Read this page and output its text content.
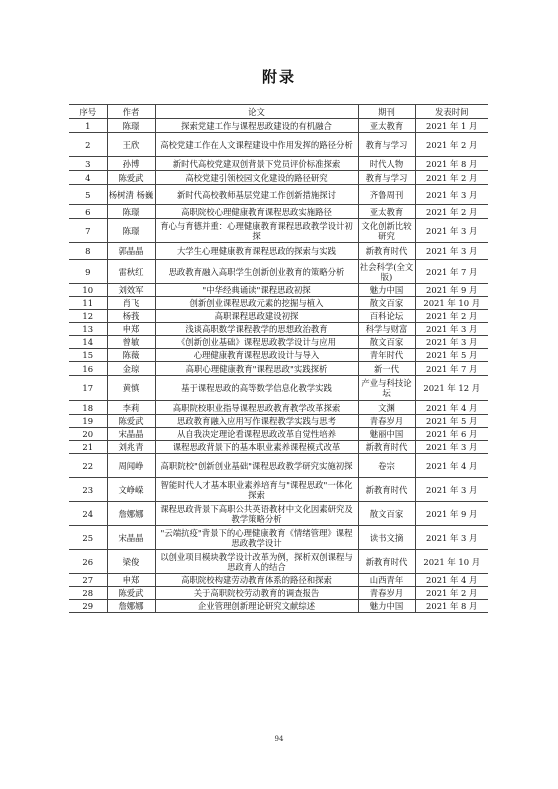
附录
序号	作者	论文	期刊	发表时间
1	陈璟	探索党建工作与课程思政建设的有机融合	亚太教育	2021 年 1 月
2	王欣	高校党建工作在人文课程建设中作用发挥的路径分析	教育与学习	2021 年 2 月
3	孙博	新时代高校党建双创背景下党员评价标准探索	时代人物	2021 年 8 月
4	陈爱武	高校党建引领校园文化建设的路径研究	教育与学习	2021 年 2 月
5	杨树清 杨巍	新时代高校教师基层党建工作创新措施探讨	齐鲁周刊	2021 年 3 月
6	陈璟	高职院校心理健康教育课程思政实施路径	亚太教育	2021 年 2 月
7	陈璟	育心与育德并重：心理健康教育课程思政教学设计初探	文化创新比较研究	2021 年 3 月
8	郭晶晶	大学生心理健康教育课程思政的探索与实践	新教育时代	2021 年 3 月
9	雷秋红	思政教育融入高职学生创新创业教育的策略分析	社会科学(全文版)	2021 年 7 月
10	刘效军	"中华经典诵读"课程思政初探	魅力中国	2021 年 9 月
11	肖飞	创新创业课程思政元素的挖掘与植入	散文百家	2021 年 10 月
12	杨莪	高职课程思政建设初探	百科论坛	2021 年 2 月
13	申郑	浅谈高职数学课程教学的思想政治教育	科学与财富	2021 年 3 月
14	曾敏	《创新创业基础》课程思政教学设计与应用	散文百家	2021 年 3 月
15	陈薇	心理健康教育课程思政设计与导入	青年时代	2021 年 5 月
16	金琼	高职心理健康教育"课程思政"实践探析	新一代	2021 年 7 月
17	黄慎	基于课程思政的高等数学信息化教学实践	产业与科技论坛	2021 年 12 月
18	李莉	高职院校职业指导课程思政教育教学改革探索	文渊	2021 年 4 月
19	陈爱武	思政教育融入应用写作课程教学实践与思考	青春岁月	2021 年 5 月
20	宋晶晶	从自我决定理论看课程思政改革自觉性培养	魅丽中国	2021 年 6 月
21	刘兆青	课程思政背景下的基本职业素养课程模式改革	新教育时代	2021 年 3 月
22	周闻峥	高职院校"创新创业基础"课程思政教学研究实施初探	卷宗	2021 年 4 月
23	文峥嵘	智能时代人才基本职业素养培育与"课程思政"一体化探索	新教育时代	2021 年 3 月
24	詹娜娜	课程思政背景下高职公共英语教材中文化因素研究及教学策略分析	散文百家	2021 年 9 月
25	宋晶晶	"云端抗疫"背景下的心理健康教育《情绪管理》课程思政教学设计	读书文摘	2021 年 3 月
26	梁俊	以创业项目模块教学设计改革为例，探析双创课程与思政育人的结合	新教育时代	2021 年 10 月
27	申郑	高职院校构建劳动教育体系的路径和探索	山西青年	2021 年 4 月
28	陈爱武	关于高职院校劳动教育的调查报告	青春岁月	2021 年 2 月
29	詹娜娜	企业管理创新理论研究文献综述	魅力中国	2021 年 8 月
94
